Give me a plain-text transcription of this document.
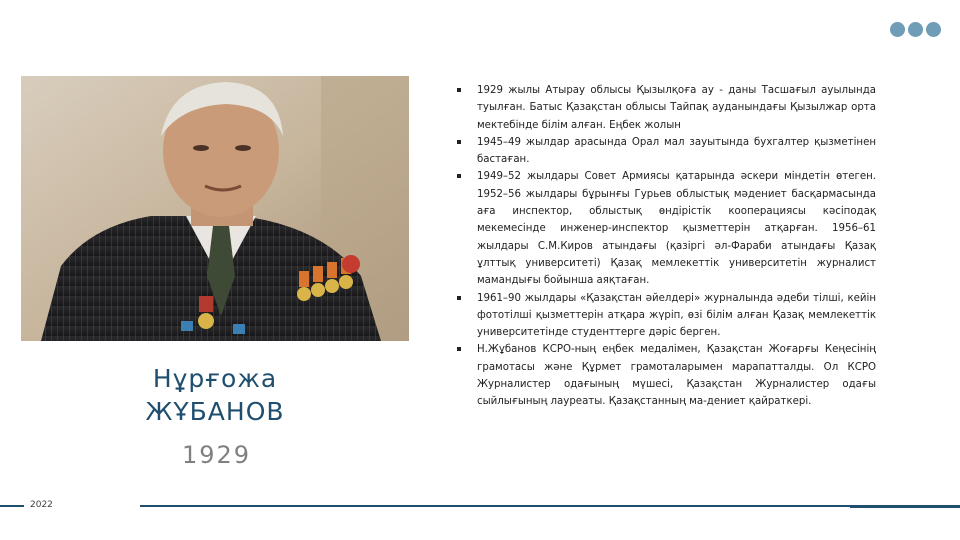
Нұрғожа
ЖҰБАНОВ
1929
1929 жылы Атырау облысы Қызылқоға ау - даны Тасшағыл ауылында туылған. Батыс Қазақстан облысы Тайпақ ауданындағы Қызылжар орта мектебінде білім алған. Еңбек жолын
1945–49 жылдар арасында Орал мал зауытында бухгалтер қызметінен бастаған.
1949–52 жылдары Совет Армиясы қатарында әскери міндетін өтеген. 1952–56 жылдары бұрынғы Гурьев облыстық мәдениет басқармасында аға инспектор, облыстық өндірістік кооперациясы кәсіподақ мекемесінде инженер-инспектор қызметтерін атқарған. 1956–61 жылдары С.М.Киров атындағы (қазіргі әл-Фараби атындағы Қазақ ұлттық университеті) Қазақ мемлекеттік университетін журналист мамандығы бойынша аяқтаған.
1961–90 жылдары «Қазақстан әйелдері» журналында әдеби тілші, кейін фототілші қызметтерін атқара жүріп, өзі білім алған Қазақ мемлекеттік университетінде студенттерге дәріс берген.
Н.Жұбанов КСРО-ның еңбек медалімен, Қазақстан Жоғарғы Кеңесінің грамотасы және Құрмет грамоталарымен марапатталды. Ол КСРО Журналистер одағының мүшесі, Қазақстан Журналистер одағы сыйлығының лауреаты. Қазақстанның ма-дениет қайраткері.
2022
